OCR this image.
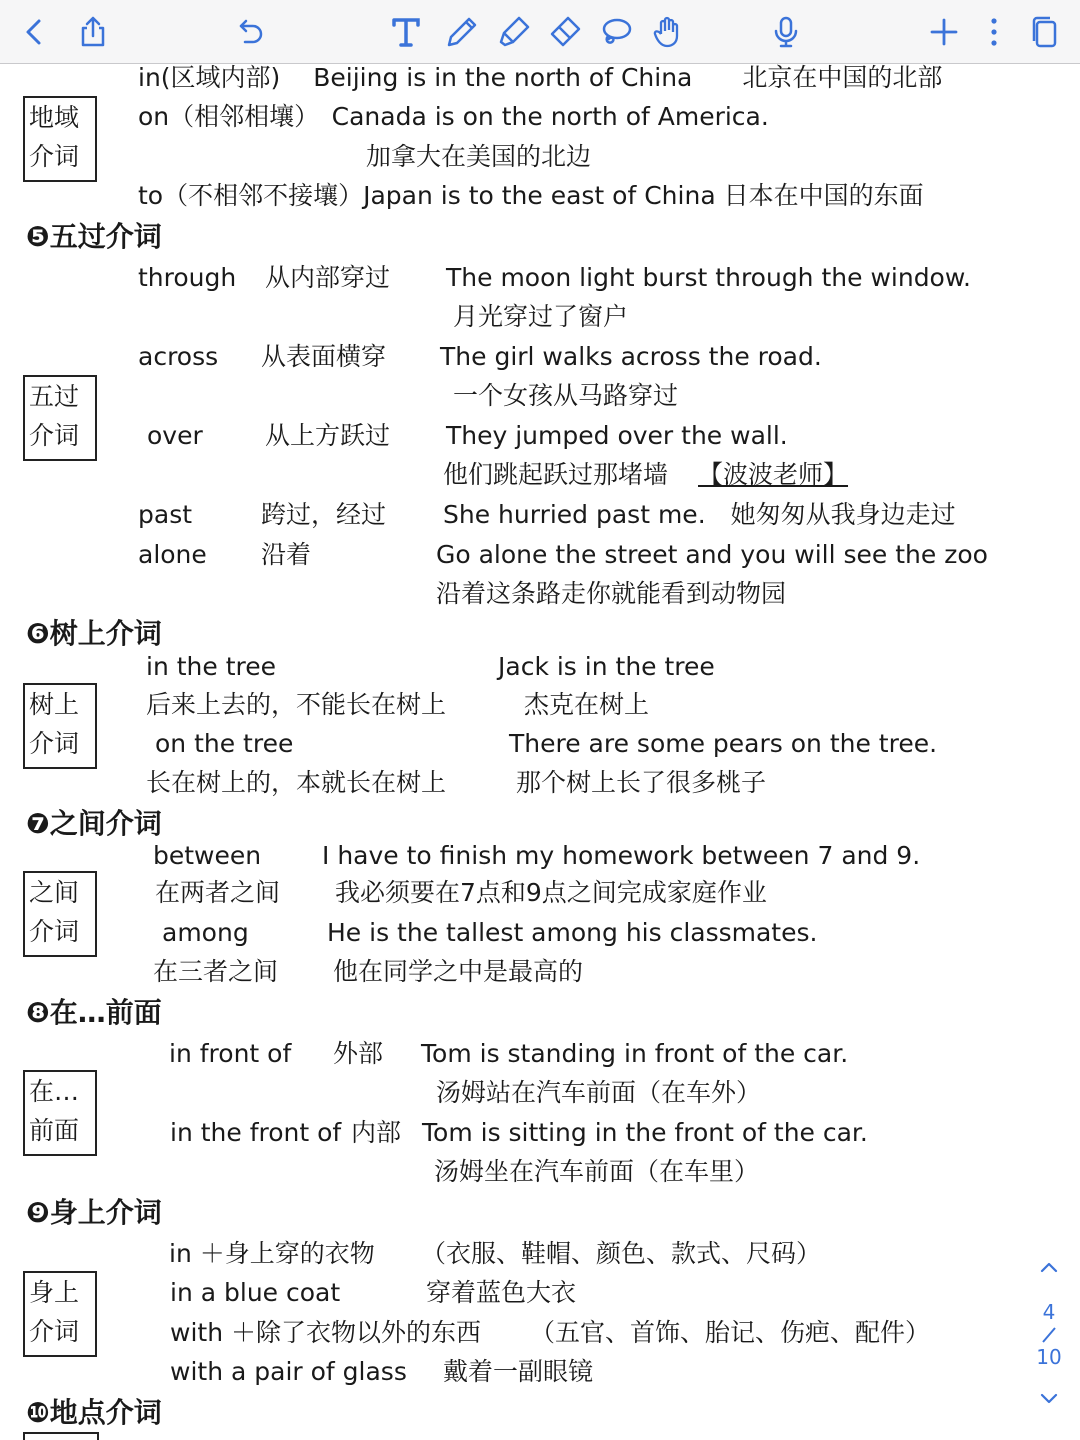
in(区域内部)　 Beijing is in the north of China　　北京在中国的北部
地域
介词
on（相邻相壤）　Canada is on the north of America.
加拿大在美国的北边
to（不相邻不接壤）Japan is to the east of China 日本在中国的东面
❺五过介词
五过
介词
through 从内部穿过 The moon light burst through the window.
月光穿过了窗户
across 从表面横穿 The girl walks across the road.
一个女孩从马路穿过
over 从上方跃过 They jumped over the wall.
他们跳起跃过那堵墙 【波波老师】
past	跨过，经过 She hurried past me.　她匆匆从我身边走过
alone 沿着	Go alone the street and you will see the zoo
沿着这条路走你就能看到动物园
❻树上介词
树上
介词
in the tree	Jack is in the tree
后来上去的，不能长在树上	杰克在树上
on the tree	There are some pears on the tree.
长在树上的，本就长在树上	那个树上长了很多桃子
❼之间介词
之间
介词
between I have to finish my homework between 7 and 9.
在两者之间 我必须要在7点和9点之间完成家庭作业
among	He is the tallest among his classmates.
在三者之间 他在同学之中是最高的
❽在…前面
在…
前面
in front of 外部 Tom is standing in front of the car.
汤姆站在汽车前面（在车外）
in the front of 内部 Tom is sitting in the front of the car.
汤姆坐在汽车前面（在车里）
❾身上介词
身上
介词
in ＋身上穿的衣物 （衣服、鞋帽、颜色、款式、尺码）
in a blue coat	穿着蓝色大衣
with ＋除了衣物以外的东西 （五官、首饰、胎记、伤疤、配件）
with a pair of glass 戴着一副眼镜
❿地点介词
4
10
